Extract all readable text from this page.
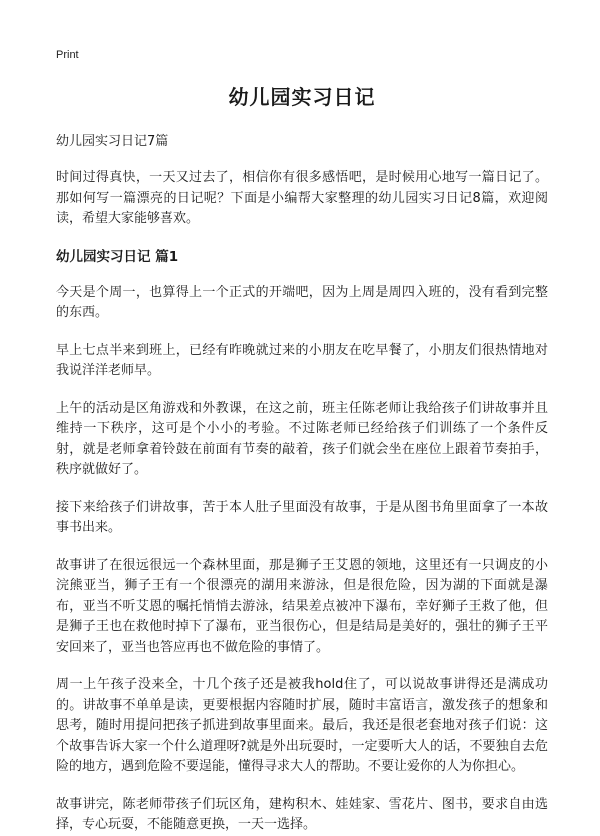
Print
幼儿园实习日记

幼儿园实习日记7篇

时间过得真快，一天又过去了，相信你有很多感悟吧，是时候用心地写一篇日记了。那如何写一篇漂亮的日记呢？下面是小编帮大家整理的幼儿园实习日记8篇，欢迎阅读，希望大家能够喜欢。

幼儿园实习日记 篇1

今天是个周一，也算得上一个正式的开端吧，因为上周是周四入班的，没有看到完整的东西。

早上七点半来到班上，已经有昨晚就过来的小朋友在吃早餐了，小朋友们很热情地对我说洋洋老师早。

上午的活动是区角游戏和外教课，在这之前，班主任陈老师让我给孩子们讲故事并且维持一下秩序，这可是个小小的考验。不过陈老师已经给孩子们训练了一个条件反射，就是老师拿着铃鼓在前面有节奏的敲着，孩子们就会坐在座位上跟着节奏拍手，秩序就做好了。

接下来给孩子们讲故事，苦于本人肚子里面没有故事，于是从图书角里面拿了一本故事书出来。

故事讲了在很远很远一个森林里面，那是狮子王艾恩的领地，这里还有一只调皮的小浣熊亚当，狮子王有一个很漂亮的湖用来游泳，但是很危险，因为湖的下面就是瀑布，亚当不听艾恩的嘱托悄悄去游泳，结果差点被冲下瀑布，幸好狮子王救了他，但是狮子王也在救他时掉下了瀑布，亚当很伤心，但是结局是美好的，强壮的狮子王平安回来了，亚当也答应再也不做危险的事情了。

周一上午孩子没来全，十几个孩子还是被我hold住了，可以说故事讲得还是满成功的。讲故事不单单是读，更要根据内容随时扩展，随时丰富语言，激发孩子的想象和思考，随时用提问把孩子抓进到故事里面来。最后，我还是很老套地对孩子们说：这个故事告诉大家一个什么道理呀?就是外出玩耍时，一定要听大人的话，不要独自去危险的地方，遇到危险不要逞能，懂得寻求大人的帮助。不要让爱你的人为你担心。

故事讲完，陈老师带孩子们玩区角，建构积木、娃娃家、雪花片、图书，要求自由选择，专心玩耍，不能随意更换，一天一选择。
